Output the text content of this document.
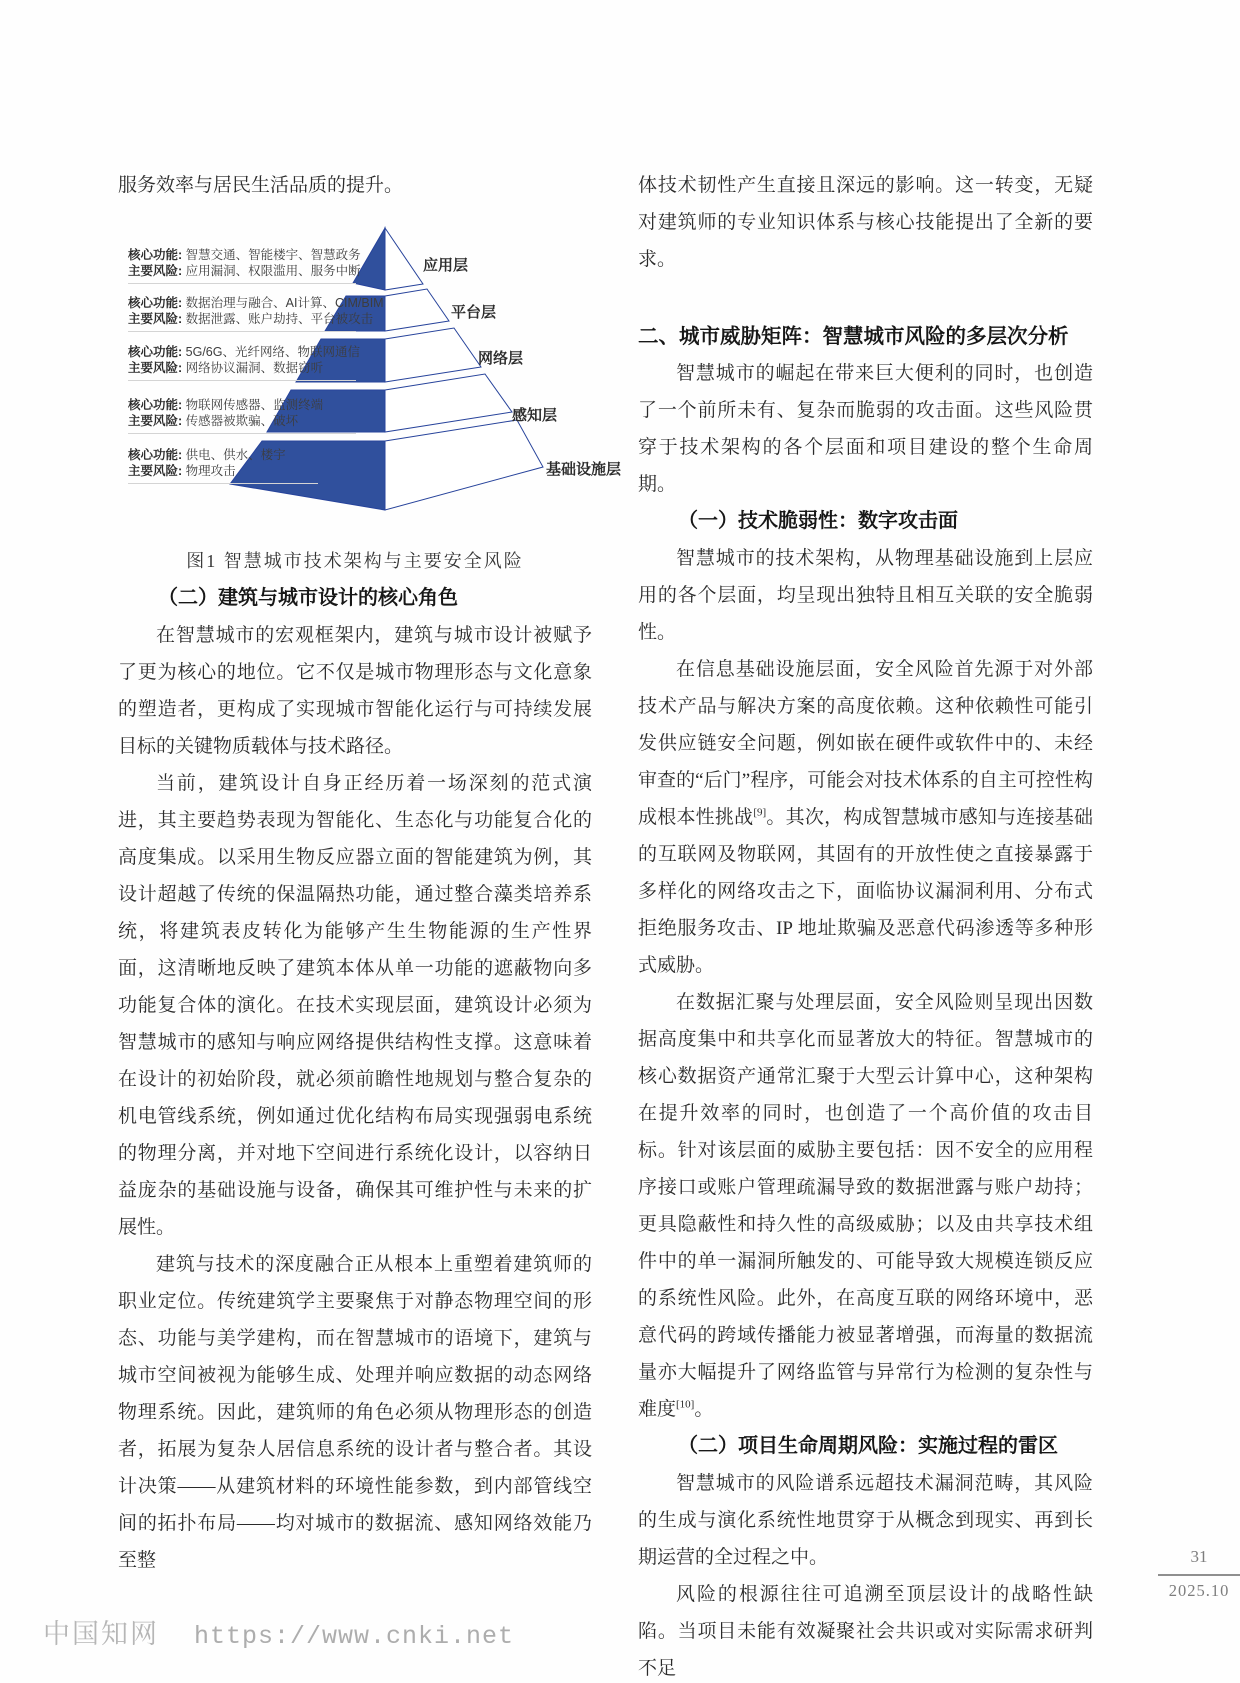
服务效率与居民生活品质的提升。

应用层
平台层
网络层
感知层
基础设施层
核心功能: 智慧交通、智能楼宇、智慧政务
主要风险: 应用漏洞、权限滥用、服务中断
核心功能: 数据治理与融合、AI计算、CIM/BIM
主要风险: 数据泄露、账户劫持、平台被攻击
核心功能: 5G/6G、光纤网络、物联网通信
主要风险: 网络协议漏洞、数据窃听
核心功能: 物联网传感器、监测终端
主要风险: 传感器被欺骗、破坏
核心功能: 供电、供水、楼宇
主要风险: 物理攻击

图1 智慧城市技术架构与主要安全风险

（二）建筑与城市设计的核心角色

在智慧城市的宏观框架内，建筑与城市设计被赋予了更为核心的地位。它不仅是城市物理形态与文化意象的塑造者，更构成了实现城市智能化运行与可持续发展目标的关键物质载体与技术路径。

当前，建筑设计自身正经历着一场深刻的范式演进，其主要趋势表现为智能化、生态化与功能复合化的高度集成。以采用生物反应器立面的智能建筑为例，其设计超越了传统的保温隔热功能，通过整合藻类培养系统，将建筑表皮转化为能够产生生物能源的生产性界面，这清晰地反映了建筑本体从单一功能的遮蔽物向多功能复合体的演化。在技术实现层面，建筑设计必须为智慧城市的感知与响应网络提供结构性支撑。这意味着在设计的初始阶段，就必须前瞻性地规划与整合复杂的机电管线系统，例如通过优化结构布局实现强弱电系统的物理分离，并对地下空间进行系统化设计，以容纳日益庞杂的基础设施与设备，确保其可维护性与未来的扩展性。

建筑与技术的深度融合正从根本上重塑着建筑师的职业定位。传统建筑学主要聚焦于对静态物理空间的形态、功能与美学建构，而在智慧城市的语境下，建筑与城市空间被视为能够生成、处理并响应数据的动态网络物理系统。因此，建筑师的角色必须从物理形态的创造者，拓展为复杂人居信息系统的设计者与整合者。其设计决策——从建筑材料的环境性能参数，到内部管线空间的拓扑布局——均对城市的数据流、感知网络效能乃至整

体技术韧性产生直接且深远的影响。这一转变，无疑对建筑师的专业知识体系与核心技能提出了全新的要求。

二、城市威胁矩阵：智慧城市风险的多层次分析

智慧城市的崛起在带来巨大便利的同时，也创造了一个前所未有、复杂而脆弱的攻击面。这些风险贯穿于技术架构的各个层面和项目建设的整个生命周期。

（一）技术脆弱性：数字攻击面

智慧城市的技术架构，从物理基础设施到上层应用的各个层面，均呈现出独特且相互关联的安全脆弱性。

在信息基础设施层面，安全风险首先源于对外部技术产品与解决方案的高度依赖。这种依赖性可能引发供应链安全问题，例如嵌在硬件或软件中的、未经审查的“后门”程序，可能会对技术体系的自主可控性构成根本性挑战[9]。其次，构成智慧城市感知与连接基础的互联网及物联网，其固有的开放性使之直接暴露于多样化的网络攻击之下，面临协议漏洞利用、分布式拒绝服务攻击、IP 地址欺骗及恶意代码渗透等多种形式威胁。

在数据汇聚与处理层面，安全风险则呈现出因数据高度集中和共享化而显著放大的特征。智慧城市的核心数据资产通常汇聚于大型云计算中心，这种架构在提升效率的同时，也创造了一个高价值的攻击目标。针对该层面的威胁主要包括：因不安全的应用程序接口或账户管理疏漏导致的数据泄露与账户劫持；更具隐蔽性和持久性的高级威胁；以及由共享技术组件中的单一漏洞所触发的、可能导致大规模连锁反应的系统性风险。此外，在高度互联的网络环境中，恶意代码的跨域传播能力被显著增强，而海量的数据流量亦大幅提升了网络监管与异常行为检测的复杂性与难度[10]。

（二）项目生命周期风险：实施过程的雷区

智慧城市的风险谱系远超技术漏洞范畴，其风险的生成与演化系统性地贯穿于从概念到现实、再到长期运营的全过程之中。

风险的根源往往可追溯至顶层设计的战略性缺陷。当项目未能有效凝聚社会共识或对实际需求研判不足

31
2025.10
中国知网 https://www.cnki.net
